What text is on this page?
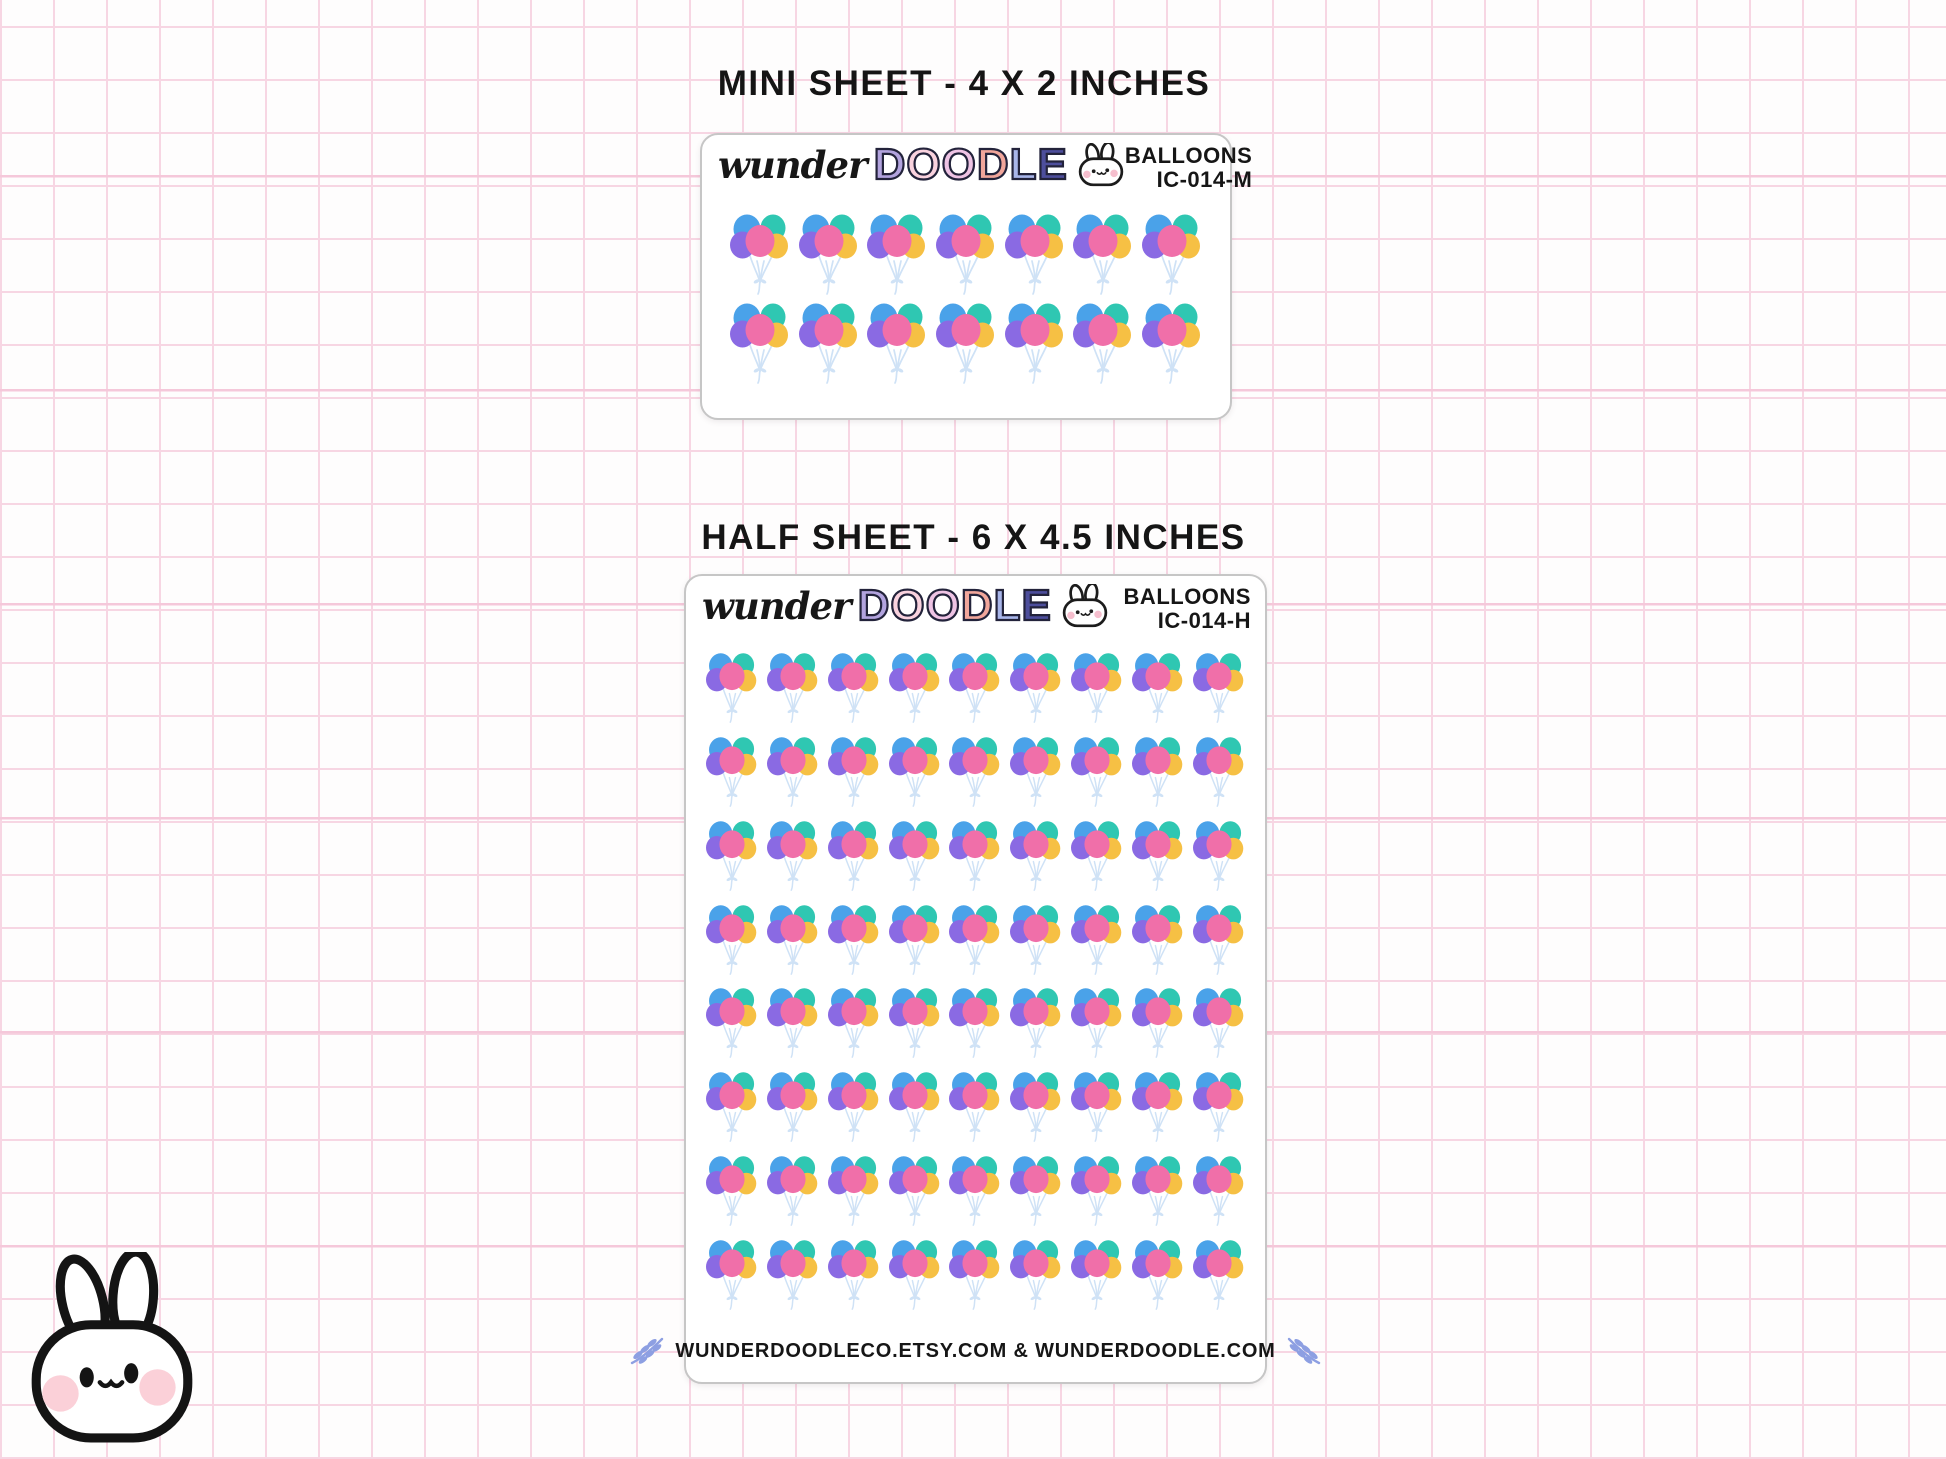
MINI SHEET - 4 X 2 INCHES
wunder D O O D L E	BALLOONS
IC-014-M
HALF SHEET - 6 X 4.5 INCHES
wunder D O O D L E	BALLOONS
IC-014-H
WUNDERDOODLECO.ETSY.COM & WUNDERDOODLE.COM
